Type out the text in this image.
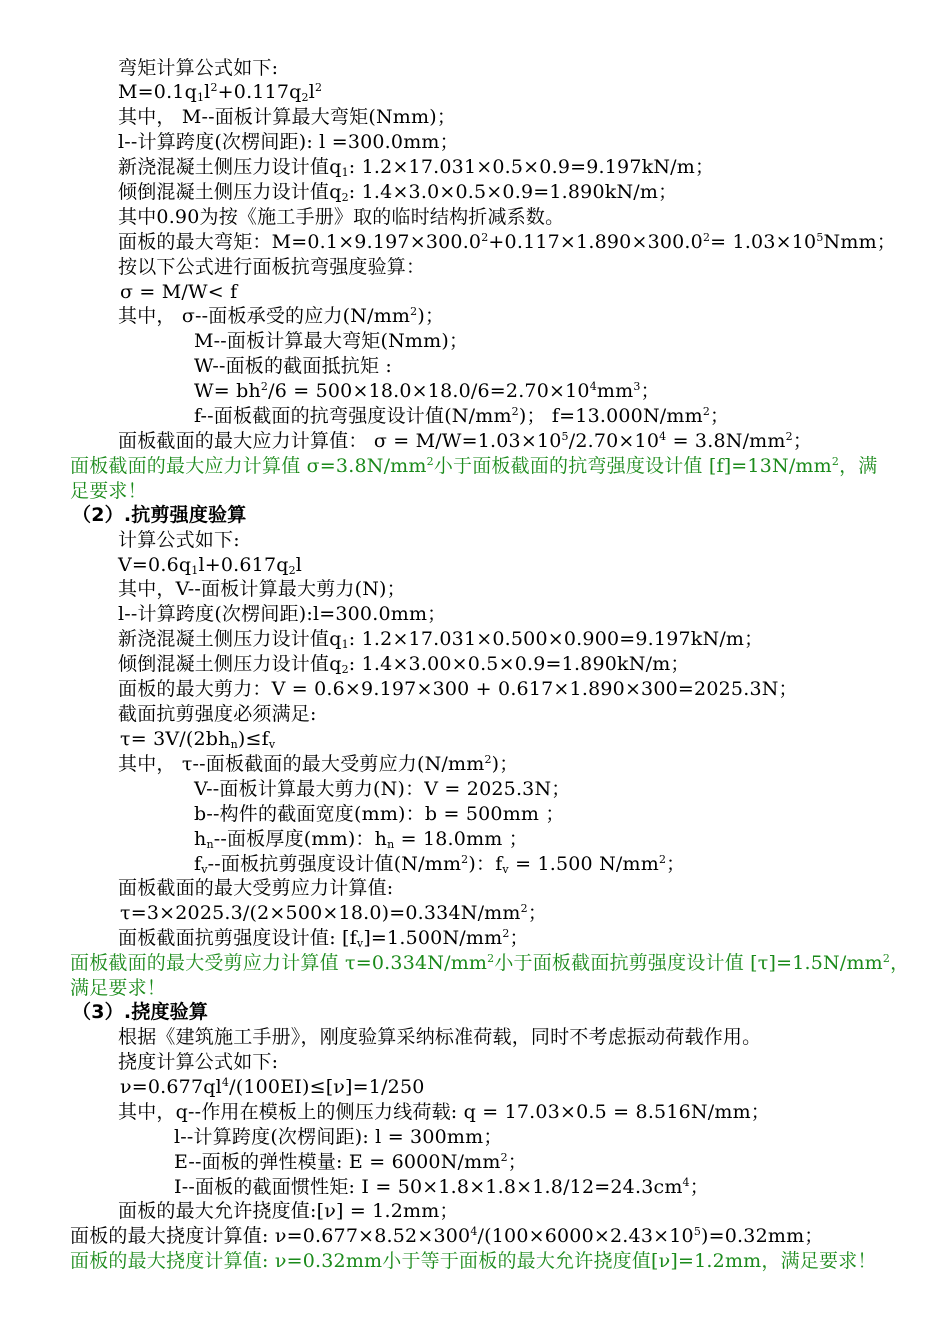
弯矩计算公式如下:
$M=0.1q_1l^2+0.117q_2l^2$
其中， M--面板计算最大弯矩(Nmm)；
l--计算跨度(次楞间距): l =300.0mm；
新浇混凝土侧压力设计值$q_1$: 1.2×17.031×0.5×0.9=9.197kN/m；
倾倒混凝土侧压力设计值$q_2$: 1.4×3.0×0.5×0.9=1.890kN/m；
其中0.90为按《施工手册》取的临时结构折减系数。
面板的最大弯矩：$M=0.1\times 9.197\times 300.0^2+0.117\times 1.890\times 300.0^2= 1.03\times 10^5Nmm$；
按以下公式进行面板抗弯强度验算：
σ = M/W< f
其中， σ--面板承受的应力$(N/mm^2)$；
M--面板计算最大弯矩(Nmm)；
W--面板的截面抵抗矩 :
$W= bh^2/6 = 500\times 18.0\times 18.0/6=2.70\times 10^4mm^3$；
f--面板截面的抗弯强度设计值$(N/mm^2)$； $f=13.000N/mm^2$；
面板截面的最大应力计算值： $\sigma = M/W=1.03\times 10^5/2.70\times 10^4 = 3.8N/mm^2$；
面板截面的最大应力计算值 $\sigma=3.8N/mm^2$小于面板截面的抗弯强度设计值 $[f]=13N/mm^2$，满
足要求！
（2）.抗剪强度验算
计算公式如下:
$V=0.6q_1l+0.617q_2l$
其中，V--面板计算最大剪力(N)；
l--计算跨度(次楞间距):l=300.0mm；
新浇混凝土侧压力设计值$q_1$: 1.2×17.031×0.500×0.900=9.197kN/m；
倾倒混凝土侧压力设计值$q_2$: 1.4×3.00×0.5×0.9=1.890kN/m；
面板的最大剪力：V = 0.6×9.197×300 + 0.617×1.890×300=2025.3N；
截面抗剪强度必须满足:
$\tau= 3V/(2bh_n)\le f_v$
其中， τ--面板截面的最大受剪应力$(N/mm^2)$；
V--面板计算最大剪力(N)：V = 2025.3N；
b--构件的截面宽度(mm)：b = 500mm ；
$h_n--$面板厚度(mm)：$h_n = 18.0mm$ ；
$f_v--$面板抗剪强度设计值$(N/mm^2)$：$f_v = 1.500$ $N/mm^2$；
面板截面的最大受剪应力计算值:
$\tau=3\times 2025.3/(2\times 500\times 18.0)=0.334N/mm^2$；
面板截面抗剪强度设计值: $[f_v]=1.500N/mm^2$；
面板截面的最大受剪应力计算值 $\tau=0.334N/mm^2$小于面板截面抗剪强度设计值 $[\tau]=1.5N/mm^2$，
满足要求！
（3）.挠度验算
根据《建筑施工手册》，刚度验算采纳标准荷载，同时不考虑振动荷载作用。
挠度计算公式如下:
$\nu=0.677ql^4/(100EI)\le[\nu]=1/250$
其中，q--作用在模板上的侧压力线荷载: q = 17.03×0.5 = 8.516N/mm；
l--计算跨度(次楞间距): l = 300mm；
E--面板的弹性模量: $E = 6000N/mm^2$；
I--面板的截面惯性矩: $I = 50\times 1.8\times 1.8\times 1.8/12=24.3cm^4$；
面板的最大允许挠度值:[ν] = 1.2mm；
面板的最大挠度计算值: $\nu=0.677\times 8.52\times 300^4/(100\times 6000\times 2.43\times 10^5)=0.32mm$；
面板的最大挠度计算值: ν=0.32mm小于等于面板的最大允许挠度值[ν]=1.2mm，满足要求！
